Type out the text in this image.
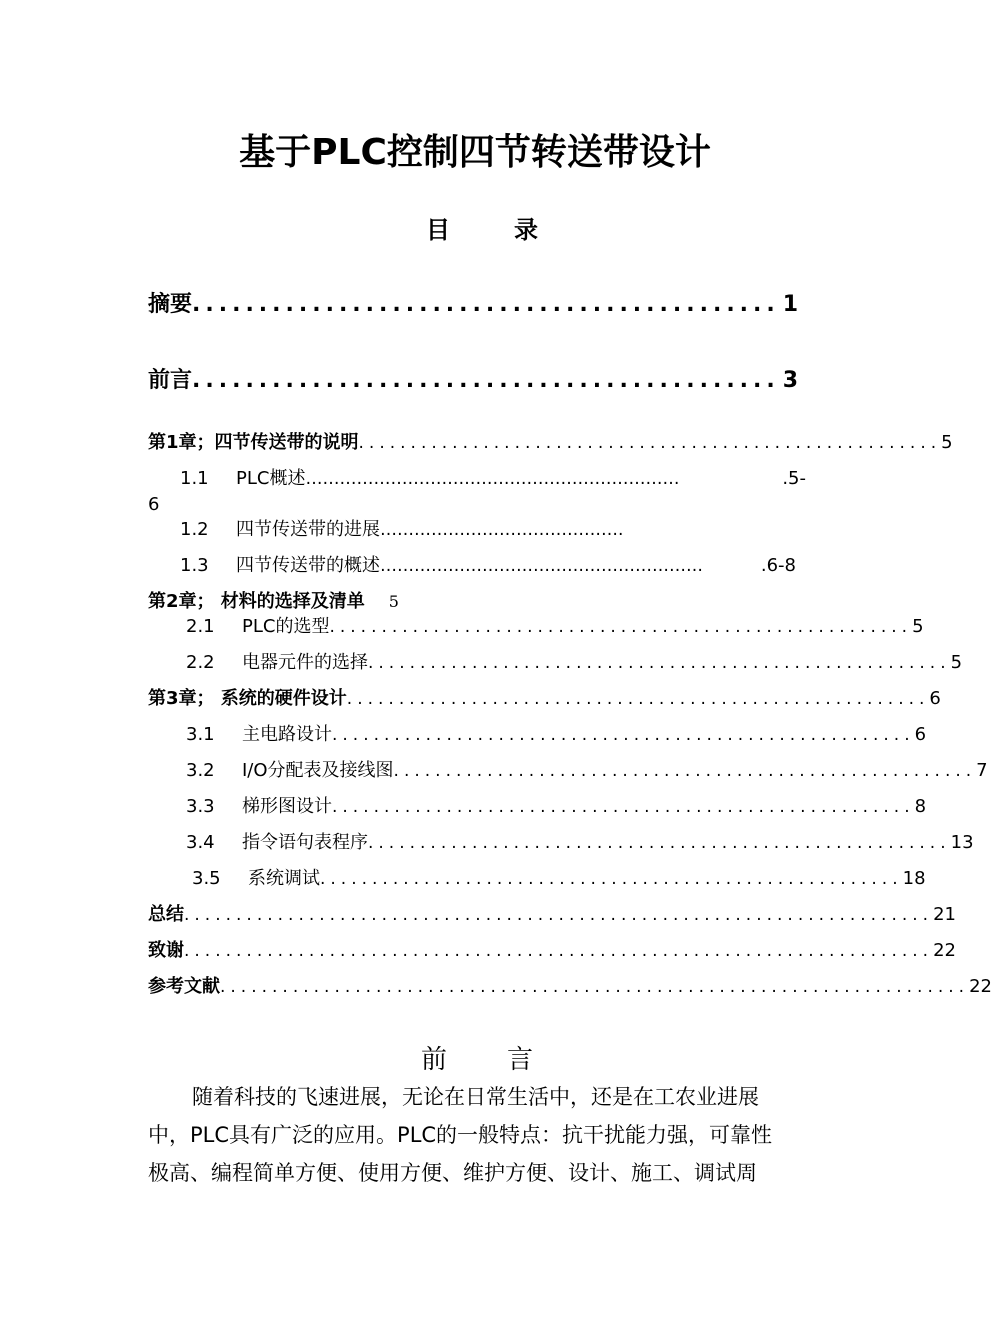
基于PLC控制四节转送带设计
目	录
摘要 ............................................ 1
前言 ............................................ 3
第1章；四节传送带的说明 ........................................................ 5
1.1 PLC概述 …………………………………………………………	.5-
6
1.2 四节传送带的进展 …………………………………….
1.3 四节传送带的概述 …………………………………………………	.6-8
第2章； 材料的选择及清单 5
2.1 PLC的选型 ........................................................ 5
2.2 电器元件的选择 ........................................................ 5
第3章； 系统的硬件设计 ........................................................ 6
3.1 主电路设计 ........................................................ 6
3.2 I/O分配表及接线图 ........................................................ 7
3.3 梯形图设计 ........................................................ 8
3.4 指令语句表程序 ........................................................ 13
3.5 系统调试 ........................................................ 18
总结 ........................................................................ 21
致谢 ........................................................................ 22
参考文献 ........................................................................ 22
前 言
随着科技的飞速进展，无论在日常生活中，还是在工农业进展
中，PLC具有广泛的应用。PLC的一般特点：抗干扰能力强，可靠性
极高、编程简单方便、使用方便、维护方便、设计、施工、调试周
